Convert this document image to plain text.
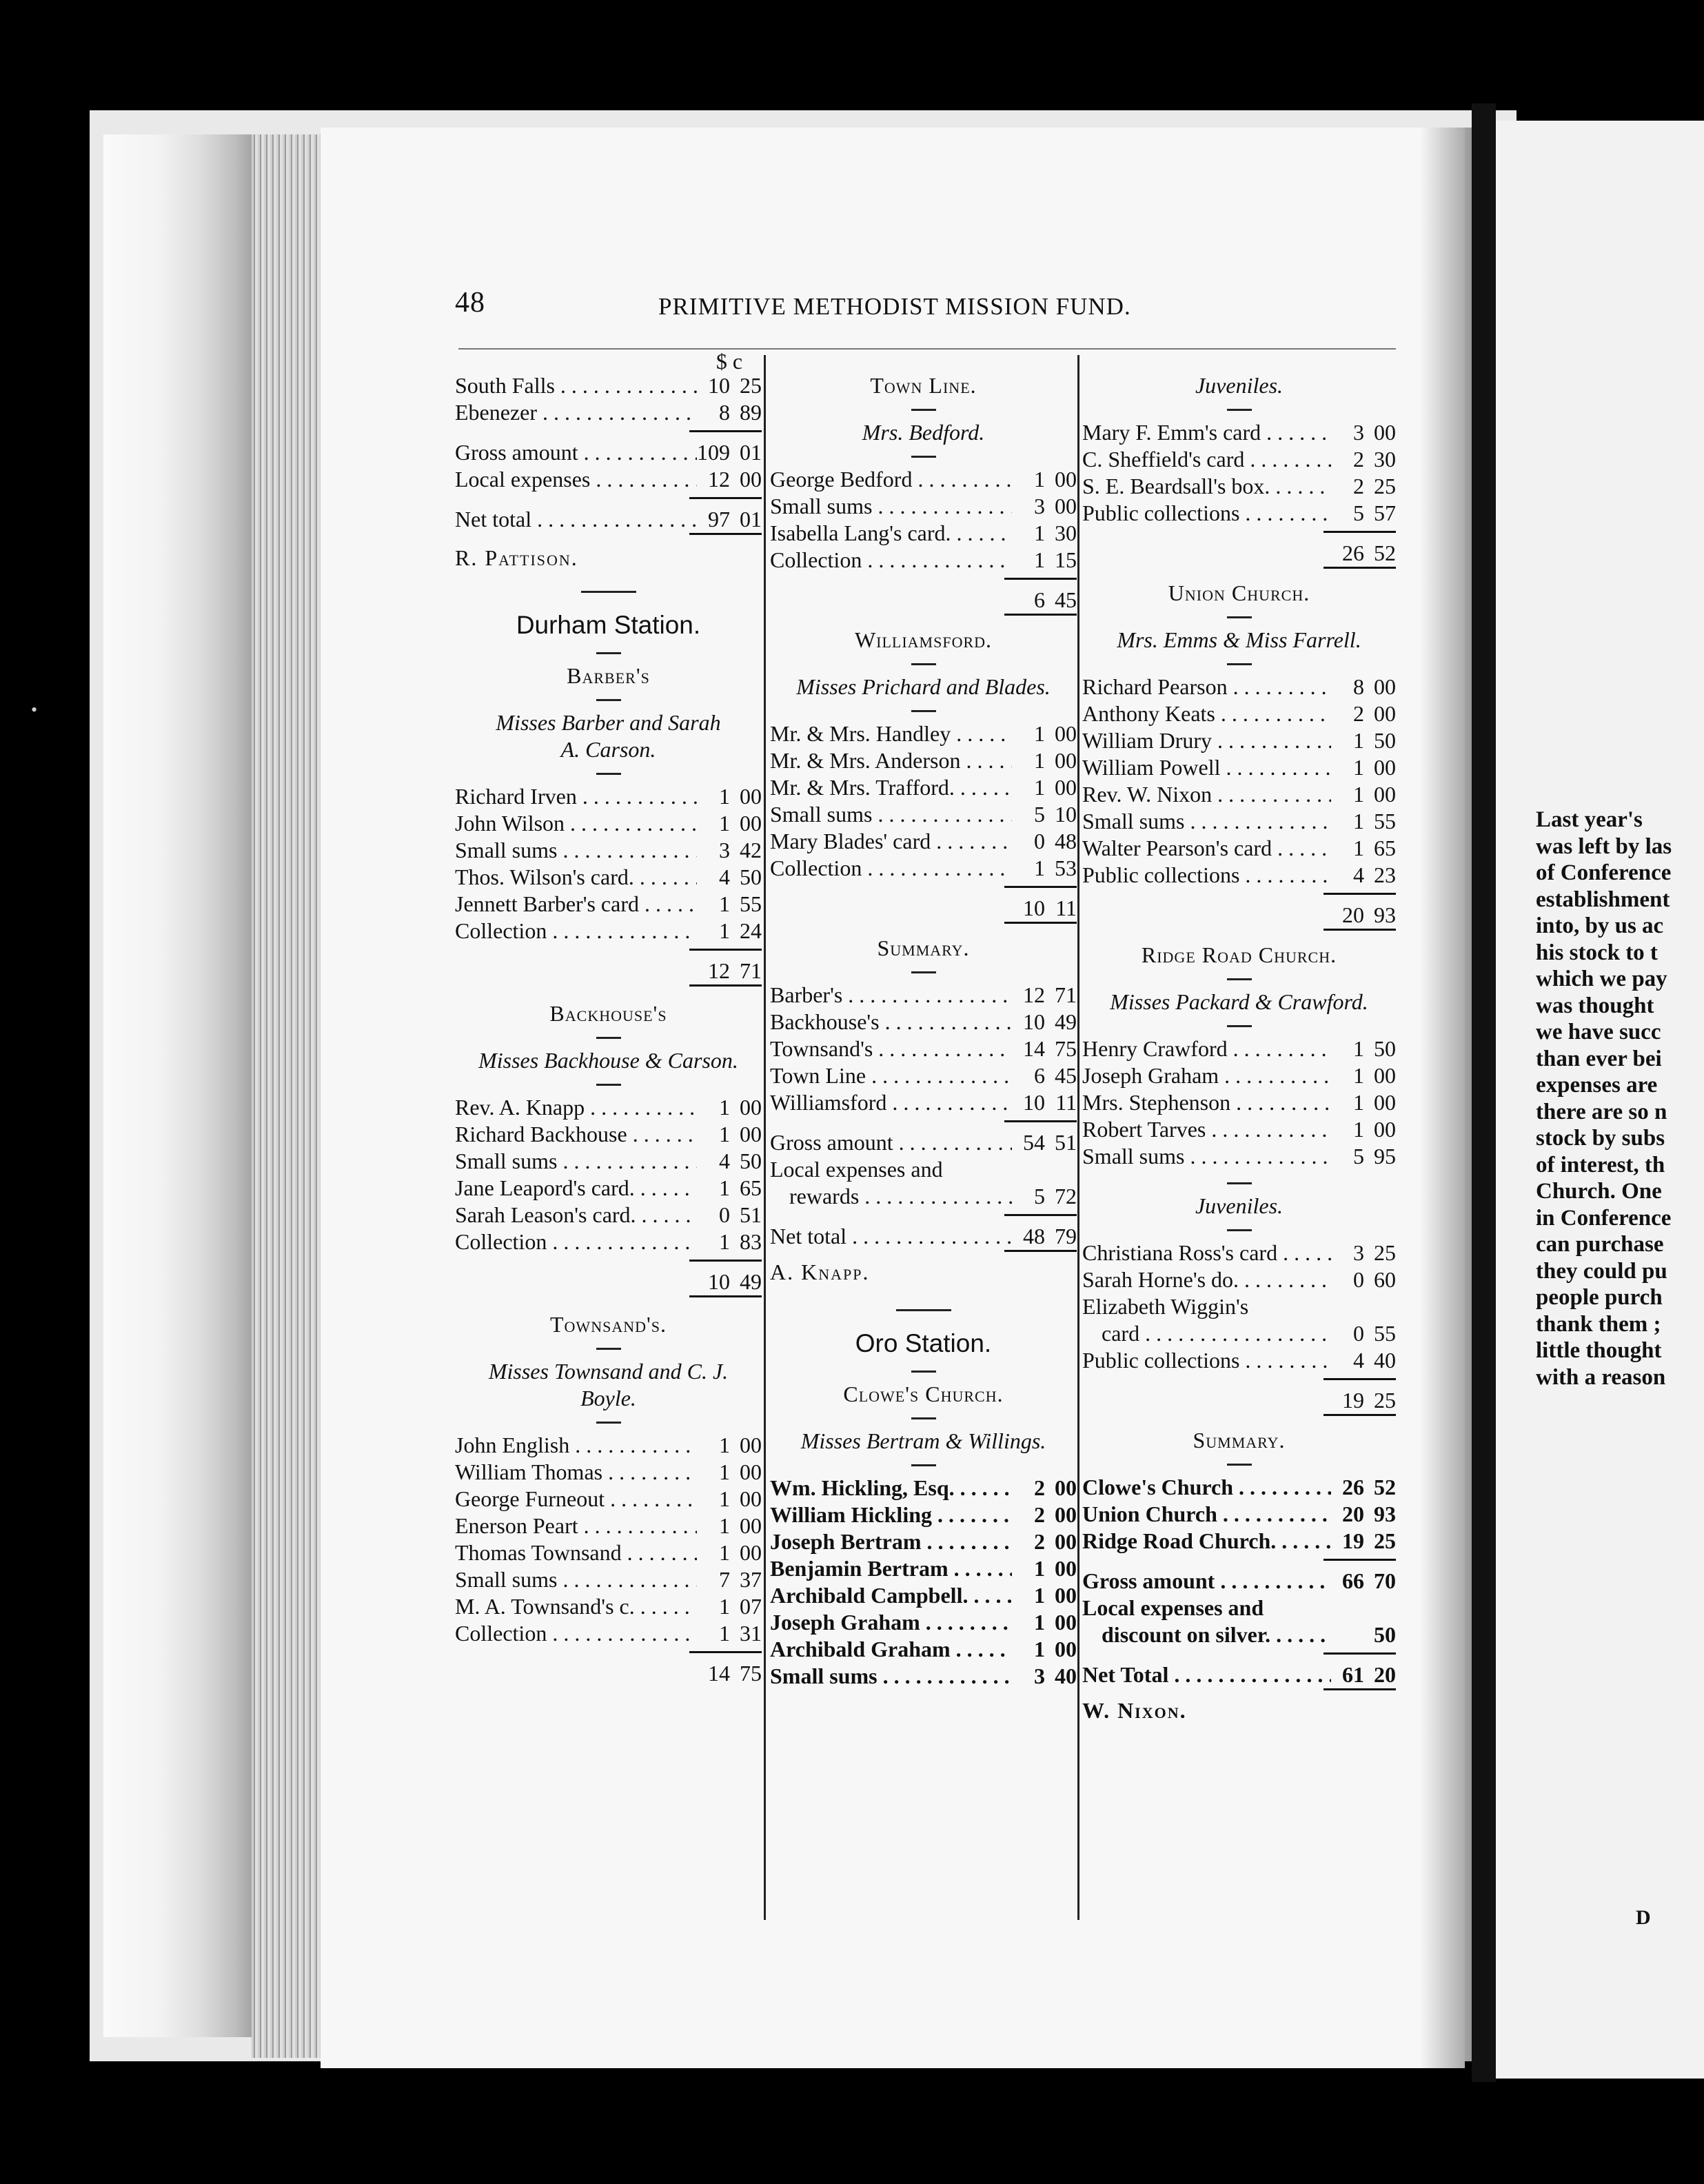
•
48	PRIMITIVE METHODIST MISSION FUND.
South Falls . . .	10 25
Ebenezer . . .	8 89
Gross amount . . .	109 01
Local expenses . . .	12 00
Net total . . .	97 01
R. Pattison.
Durham Station.
Barber's
Misses Barber and Sarah
A. Carson.
Richard Irven . . .	1 00
John Wilson . . .	1 00
Small sums . . .	3 42
Thos. Wilson's card. . . .	4 50
Jennett Barber's card . . .	1 55
Collection . . .	1 24
12 71
Backhouse's
Misses Backhouse & Carson.
Rev. A. Knapp . . .	1 00
Richard Backhouse . . .	1 00
Small sums . . .	4 50
Jane Leapord's card. . . .	1 65
Sarah Leason's card. . . .	0 51
Collection . . .	1 83
10 49
Townsand's.
Misses Townsand and C. J.
Boyle.
John English . . .	1 00
William Thomas . . .	1 00
George Furneout . . .	1 00
Enerson Peart . . .	1 00
Thomas Townsand . . .	1 00
Small sums . . .	7 37
M. A. Townsand's c. . . .	1 07
Collection . . .	1 31
14 75
Town Line.
Mrs. Bedford.
George Bedford . . .	1 00
Small sums . . .	3 00
Isabella Lang's card. . . .	1 30
Collection . . .	1 15
6 45
Williamsford.
Misses Prichard and Blades.
Mr. & Mrs. Handley . . .	1 00
Mr. & Mrs. Anderson . . .	1 00
Mr. & Mrs. Trafford. . . .	1 00
Small sums . . .	5 10
Mary Blades' card . . .	0 48
Collection . . .	1 53
10 11
Summary.
Barber's . . .	12 71
Backhouse's . . .	10 49
Townsand's . . .	14 75
Town Line . . .	6 45
Williamsford . . .	10 11
Gross amount . . .	54 51
Local expenses and
rewards . . .	5 72
Net total . . .	48 79
A. Knapp.
Oro Station.
Clowe's Church.
Misses Bertram & Willings.
Wm. Hickling, Esq. . . .	2 00
William Hickling . . .	2 00
Joseph Bertram . . .	2 00
Benjamin Bertram . . .	1 00
Archibald Campbell. . . .	1 00
Joseph Graham . . .	1 00
Archibald Graham . . .	1 00
Small sums . . .	3 40
Juveniles.
Mary F. Emm's card . . .	3 00
C. Sheffield's card . . .	2 30
S. E. Beardsall's box. . . .	2 25
Public collections . . .	5 57
26 52
Union Church.
Mrs. Emms & Miss Farrell.
Richard Pearson . . .	8 00
Anthony Keats . . .	2 00
William Drury . . .	1 50
William Powell . . .	1 00
Rev. W. Nixon . . .	1 00
Small sums . . .	1 55
Walter Pearson's card . . .	1 65
Public collections . . .	4 23
20 93
Ridge Road Church.
Misses Packard & Crawford.
Henry Crawford . . .	1 50
Joseph Graham . . .	1 00
Mrs. Stephenson . . .	1 00
Robert Tarves . . .	1 00
Small sums . . .	5 95
Juveniles.
Christiana Ross's card . . .	3 25
Sarah Horne's do. . . .	0 60
Elizabeth Wiggin's
card . . .	0 55
Public collections . . .	4 40
19 25
Summary.
Clowe's Church . . .	26 52
Union Church . . .	20 93
Ridge Road Church. . . .	19 25
Gross amount . . .	66 70
Local expenses and
discount on silver. . . .	50
Net Total . . .	61 20
W. Nixon.
Last year's
was left by las
of Conference
establishment
into, by us ac
his stock to t
which we pay
was thought
we have succ
than ever bei
expenses are
there are so n
stock by subs
of interest, th
Church. One
in Conference
can purchase
they could pu
people purch
thank them ;
little thought
with a reason
D
